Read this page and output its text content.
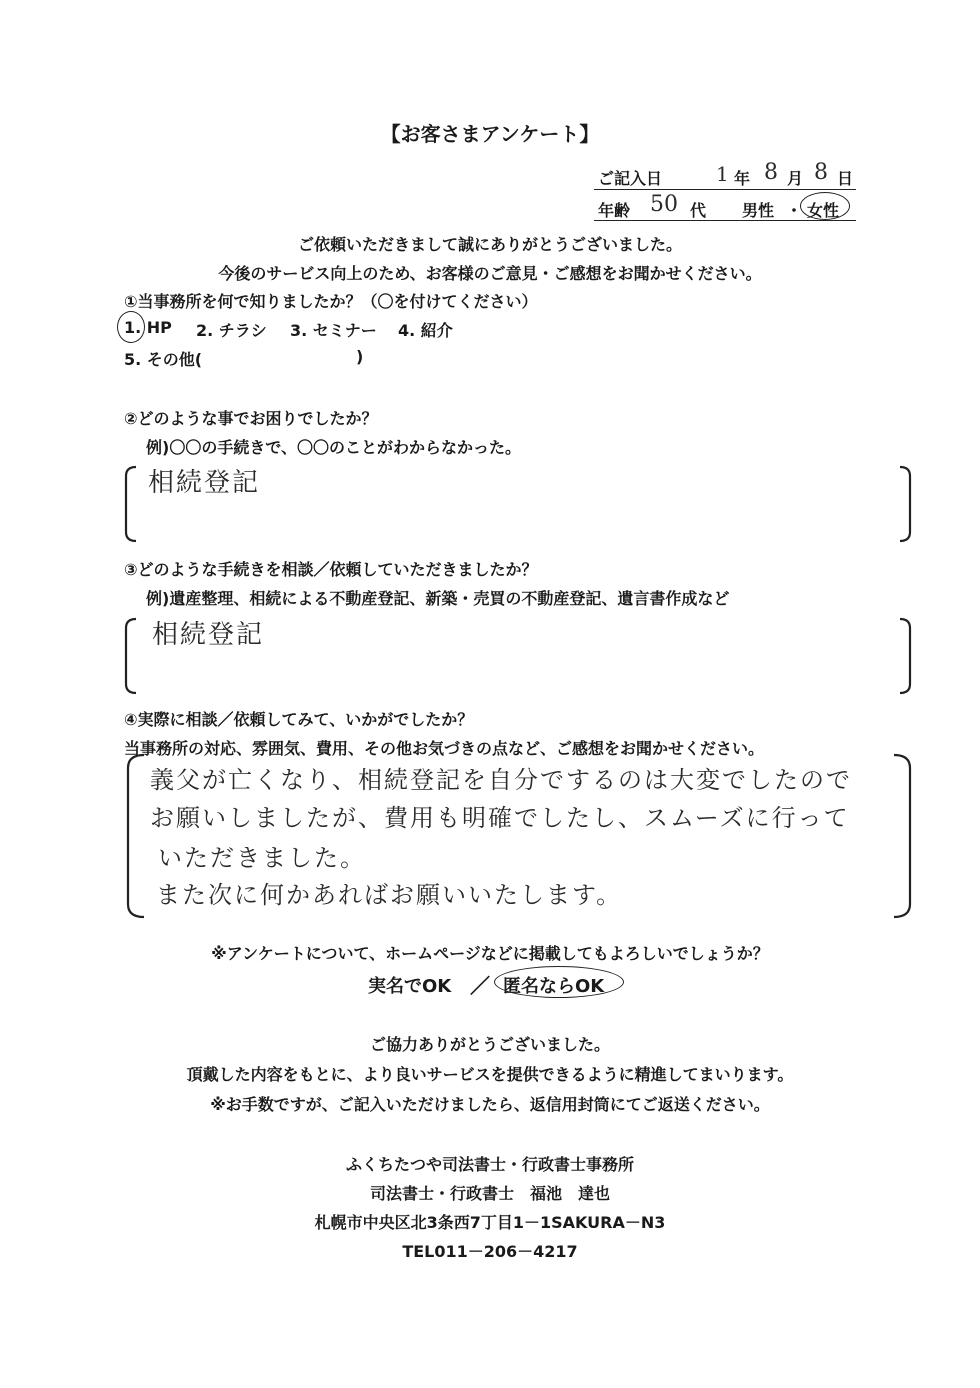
【お客さまアンケート】
ご記入日	1 年 8 月 8 日
年齢 50 代 男性 ・ 女性
ご依頼いただきまして誠にありがとうございました。
今後のサービス向上のため、お客様のご意見・ご感想をお聞かせください。
①当事務所を何で知りましたか？（〇を付けてください）
1. HP 2. チラシ 3. セミナー 4. 紹介
5. その他(	)
②どのような事でお困りでしたか？
例)〇〇の手続きで、〇〇のことがわからなかった。
相続登記
③どのような手続きを相談／依頼していただきましたか？
例)遺産整理、相続による不動産登記、新築・売買の不動産登記、遺言書作成など
相続登記
④実際に相談／依頼してみて、いかがでしたか？
当事務所の対応、雰囲気、費用、その他お気づきの点など、ご感想をお聞かせください。
義父が亡くなり、相続登記を自分でするのは大変でしたので
お願いしましたが、費用も明確でしたし、スムーズに行って
いただきました。
また次に何かあればお願いいたします。
※アンケートについて、ホームページなどに掲載してもよろしいでしょうか？
実名でOK ／ 匿名ならOK
ご協力ありがとうございました。
頂戴した内容をもとに、より良いサービスを提供できるように精進してまいります。
※お手数ですが、ご記入いただけましたら、返信用封筒にてご返送ください。
ふくちたつや司法書士・行政書士事務所
司法書士・行政書士　福池　達也
札幌市中央区北3条西7丁目1－1SAKURA－N3
TEL011－206－4217
